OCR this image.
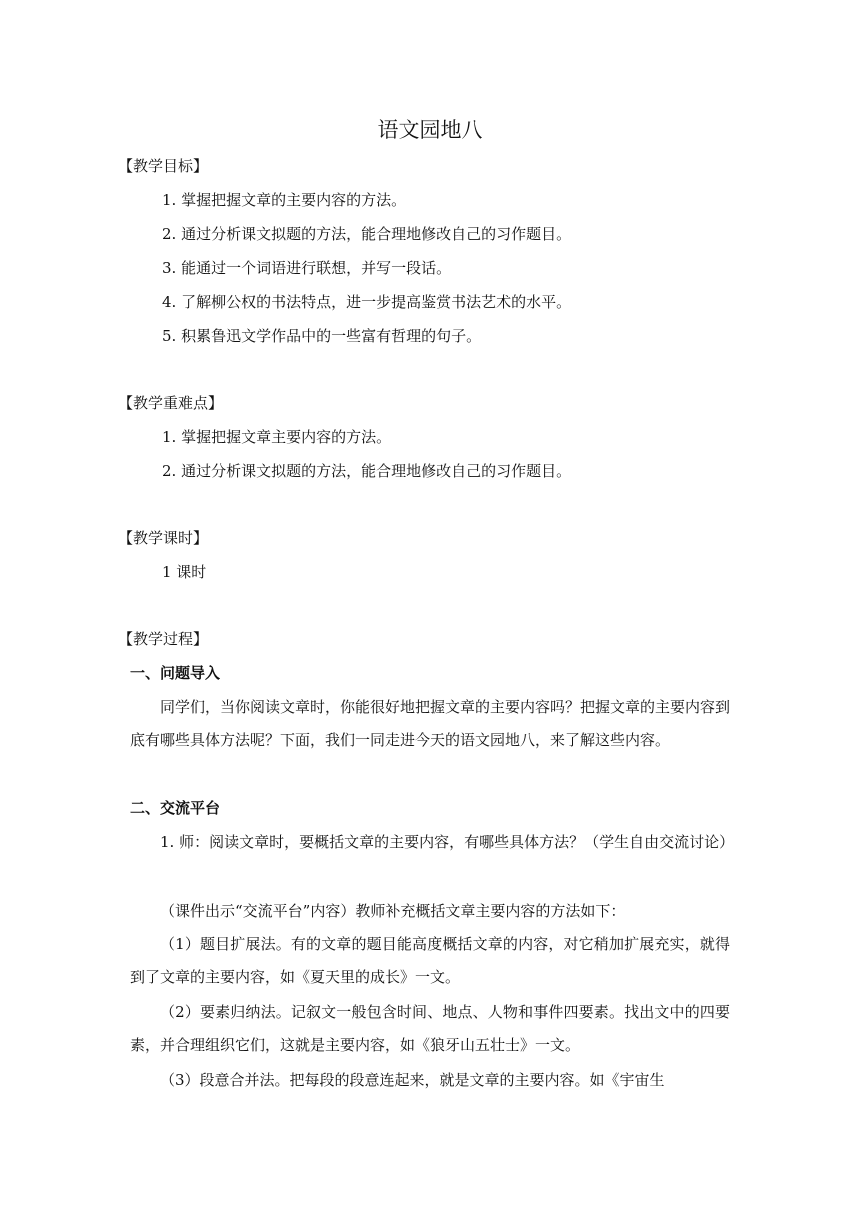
语文园地八
【教学目标】
1. 掌握把握文章的主要内容的方法。
2. 通过分析课文拟题的方法，能合理地修改自己的习作题目。
3. 能通过一个词语进行联想，并写一段话。
4. 了解柳公权的书法特点，进一步提高鉴赏书法艺术的水平。
5. 积累鲁迅文学作品中的一些富有哲理的句子。
【教学重难点】
1. 掌握把握文章主要内容的方法。
2. 通过分析课文拟题的方法，能合理地修改自己的习作题目。
【教学课时】
1 课时
【教学过程】
一、问题导入

同学们，当你阅读文章时，你能很好地把握文章的主要内容吗？把握文章的主要内容到底有哪些具体方法呢？下面，我们一同走进今天的语文园地八，来了解这些内容。

二、交流平台

1. 师：阅读文章时，要概括文章的主要内容，有哪些具体方法？（学生自由交流讨论）

（课件出示“交流平台”内容）教师补充概括文章主要内容的方法如下：

（1）题目扩展法。有的文章的题目能高度概括文章的内容，对它稍加扩展充实，就得到了文章的主要内容，如《夏天里的成长》一文。

（2）要素归纳法。记叙文一般包含时间、地点、人物和事件四要素。找出文中的四要素，并合理组织它们，这就是主要内容，如《狼牙山五壮士》一文。

（3）段意合并法。把每段的段意连起来，就是文章的主要内容。如《宇宙生
